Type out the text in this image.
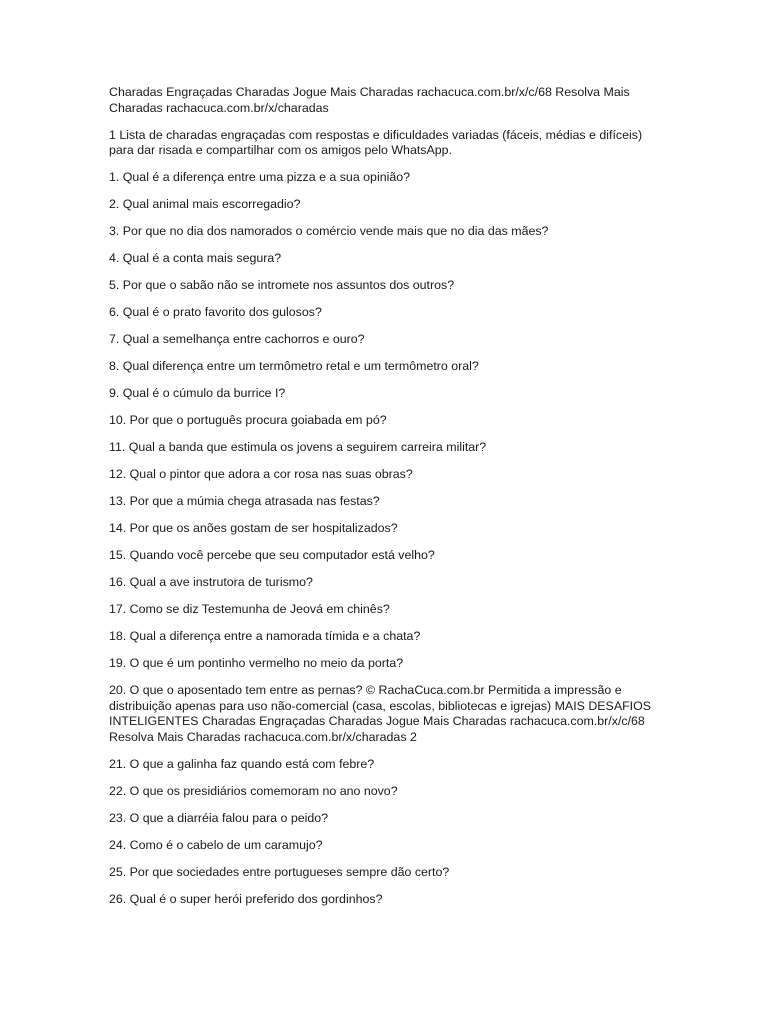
Charadas Engraçadas Charadas Jogue Mais Charadas rachacuca.com.br/x/c/68 Resolva Mais Charadas rachacuca.com.br/x/charadas

1 Lista de charadas engraçadas com respostas e dificuldades variadas (fáceis, médias e difíceis) para dar risada e compartilhar com os amigos pelo WhatsApp.

1. Qual é a diferença entre uma pizza e a sua opinião?

2. Qual animal mais escorregadio?

3. Por que no dia dos namorados o comércio vende mais que no dia das mães?

4. Qual é a conta mais segura?

5. Por que o sabão não se intromete nos assuntos dos outros?

6. Qual é o prato favorito dos gulosos?

7. Qual a semelhança entre cachorros e ouro?

8. Qual diferença entre um termômetro retal e um termômetro oral?

9. Qual é o cúmulo da burrice I?

10. Por que o português procura goiabada em pó?

11. Qual a banda que estimula os jovens a seguirem carreira militar?

12. Qual o pintor que adora a cor rosa nas suas obras?

13. Por que a múmia chega atrasada nas festas?

14. Por que os anões gostam de ser hospitalizados?

15. Quando você percebe que seu computador está velho?

16. Qual a ave instrutora de turismo?

17. Como se diz Testemunha de Jeová em chinês?

18. Qual a diferença entre a namorada tímida e a chata?

19. O que é um pontinho vermelho no meio da porta?

20. O que o aposentado tem entre as pernas? © RachaCuca.com.br Permitida a impressão e distribuição apenas para uso não-comercial (casa, escolas, bibliotecas e igrejas) MAIS DESAFIOS INTELIGENTES Charadas Engraçadas Charadas Jogue Mais Charadas rachacuca.com.br/x/c/68 Resolva Mais Charadas rachacuca.com.br/x/charadas 2

21. O que a galinha faz quando está com febre?

22. O que os presidiários comemoram no ano novo?

23. O que a diarréia falou para o peido?

24. Como é o cabelo de um caramujo?

25. Por que sociedades entre portugueses sempre dão certo?

26. Qual é o super herói preferido dos gordinhos?
